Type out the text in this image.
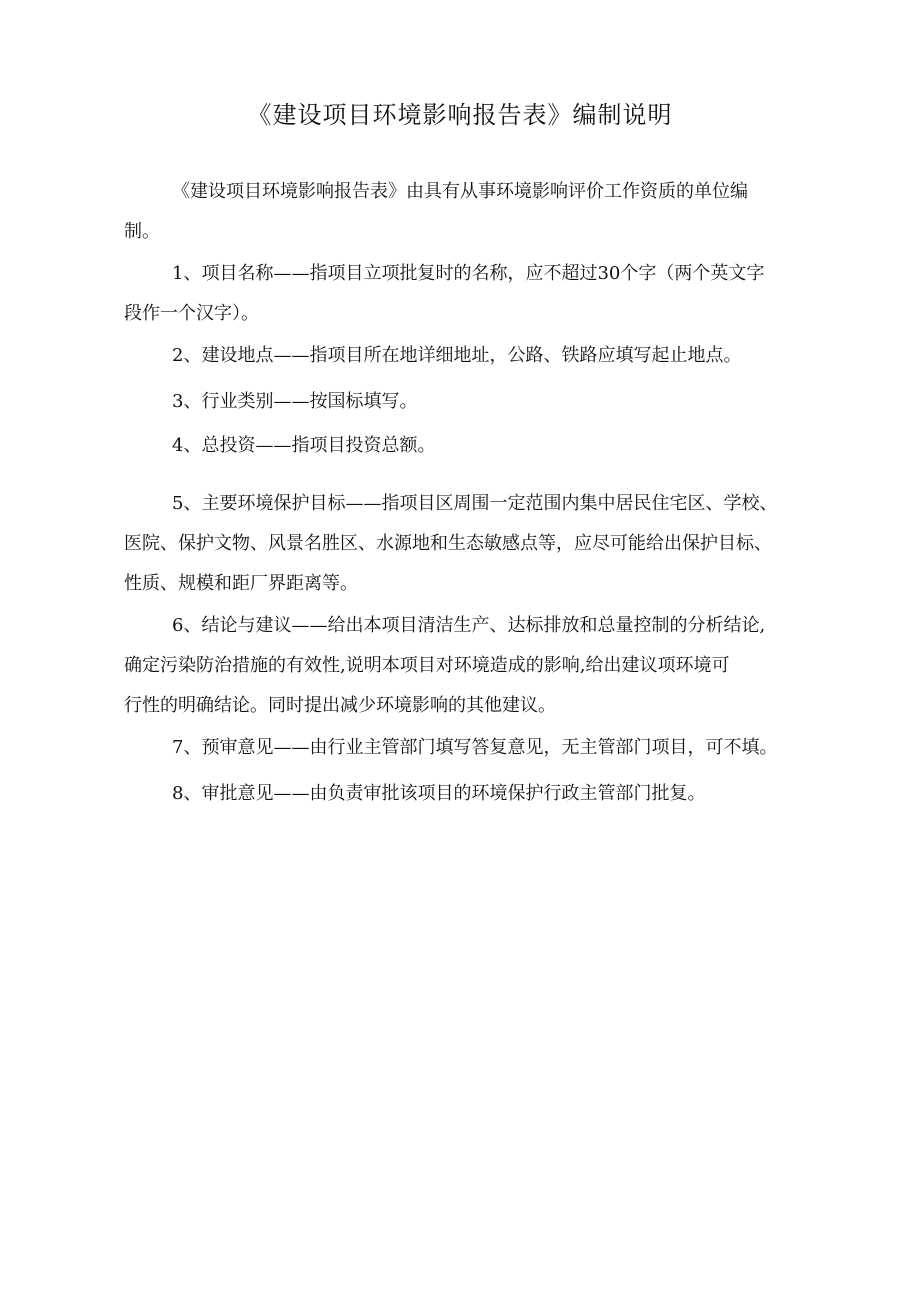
《建设项目环境影响报告表》编制说明
《建设项目环境影响报告表》由具有从事环境影响评价工作资质的单位编
制。
1、项目名称——指项目立项批复时的名称，应不超过30个字（两个英文字
段作一个汉字）。
2、建设地点——指项目所在地详细地址，公路、铁路应填写起止地点。
3、行业类别——按国标填写。
4、总投资——指项目投资总额。
5、主要环境保护目标——指项目区周围一定范围内集中居民住宅区、学校、
医院、保护文物、风景名胜区、水源地和生态敏感点等，应尽可能给出保护目标、
性质、规模和距厂界距离等。
6、结论与建议——给出本项目清洁生产、达标排放和总量控制的分析结论,
确定污染防治措施的有效性,说明本项目对环境造成的影响,给出建议项环境可
行性的明确结论。同时提出减少环境影响的其他建议。
7、预审意见——由行业主管部门填写答复意见，无主管部门项目，可不填。
8、审批意见——由负责审批该项目的环境保护行政主管部门批复。
